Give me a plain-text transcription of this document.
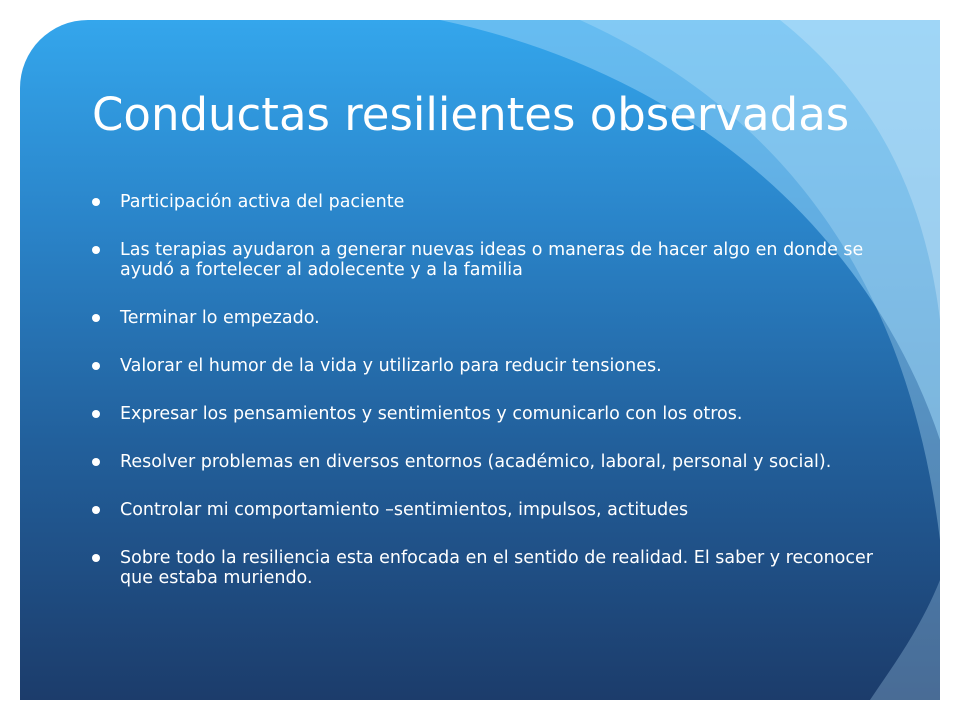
Conductas resilientes observadas
Participación activa del paciente
Las terapias ayudaron a generar nuevas ideas o maneras de hacer algo en donde se ayudó a fortelecer al adolecente y a la familia
Terminar lo empezado.
Valorar el humor de la vida y utilizarlo para reducir tensiones.
Expresar los pensamientos y sentimientos y comunicarlo con los otros.
Resolver problemas en diversos entornos (académico, laboral, personal y social).
Controlar mi comportamiento –sentimientos, impulsos, actitudes
Sobre todo la resiliencia esta enfocada en el sentido de realidad. El saber y reconocer que estaba muriendo.
